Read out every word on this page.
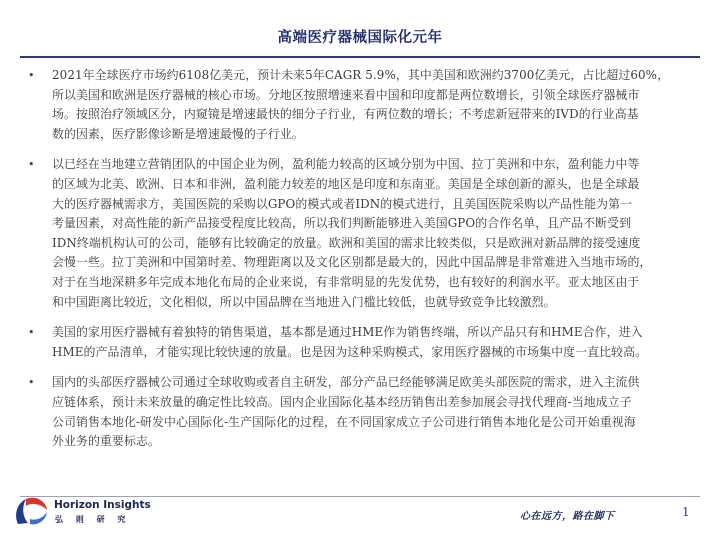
高端医疗器械国际化元年
•	2021年全球医疗市场约6108亿美元，预计未来5年CAGR 5.9%，其中美国和欧洲约3700亿美元，占比超过60%，
所以美国和欧洲是医疗器械的核心市场。分地区按照增速来看中国和印度都是两位数增长，引领全球医疗器械市
场。按照治疗领域区分，内窥镜是增速最快的细分子行业，有两位数的增长；不考虑新冠带来的IVD的行业高基
数的因素，医疗影像诊断是增速最慢的子行业。
•	以已经在当地建立营销团队的中国企业为例，盈利能力较高的区域分别为中国、拉丁美洲和中东，盈利能力中等
的区域为北美、欧洲、日本和非洲，盈利能力较差的地区是印度和东南亚。美国是全球创新的源头，也是全球最
大的医疗器械需求方，美国医院的采购以GPO的模式或者IDN的模式进行，且美国医院采购以产品性能为第一
考量因素，对高性能的新产品接受程度比较高，所以我们判断能够进入美国GPO的合作名单，且产品不断受到
IDN终端机构认可的公司，能够有比较确定的放量。欧洲和美国的需求比较类似，只是欧洲对新品牌的接受速度
会慢一些。拉丁美洲和中国第时差、物理距离以及文化区别都是最大的，因此中国品牌是非常难进入当地市场的，
对于在当地深耕多年完成本地化布局的企业来说，有非常明显的先发优势，也有较好的利润水平。亚太地区由于
和中国距离比较近，文化相似，所以中国品牌在当地进入门槛比较低，也就导致竞争比较激烈。
•	美国的家用医疗器械有着独特的销售渠道，基本都是通过HME作为销售终端，所以产品只有和HME合作，进入
HME的产品清单，才能实现比较快速的放量。也是因为这种采购模式，家用医疗器械的市场集中度一直比较高。
•	国内的头部医疗器械公司通过全球收购或者自主研发，部分产品已经能够满足欧美头部医院的需求，进入主流供
应链体系，预计未来放量的确定性比较高。国内企业国际化基本经历销售出差参加展会寻找代理商-当地成立子
公司销售本地化-研发中心国际化-生产国际化的过程，在不同国家成立子公司进行销售本地化是公司开始重视海
外业务的重要标志。
Horizon Insights
弘 则 研 究	心在远方，路在脚下	1
